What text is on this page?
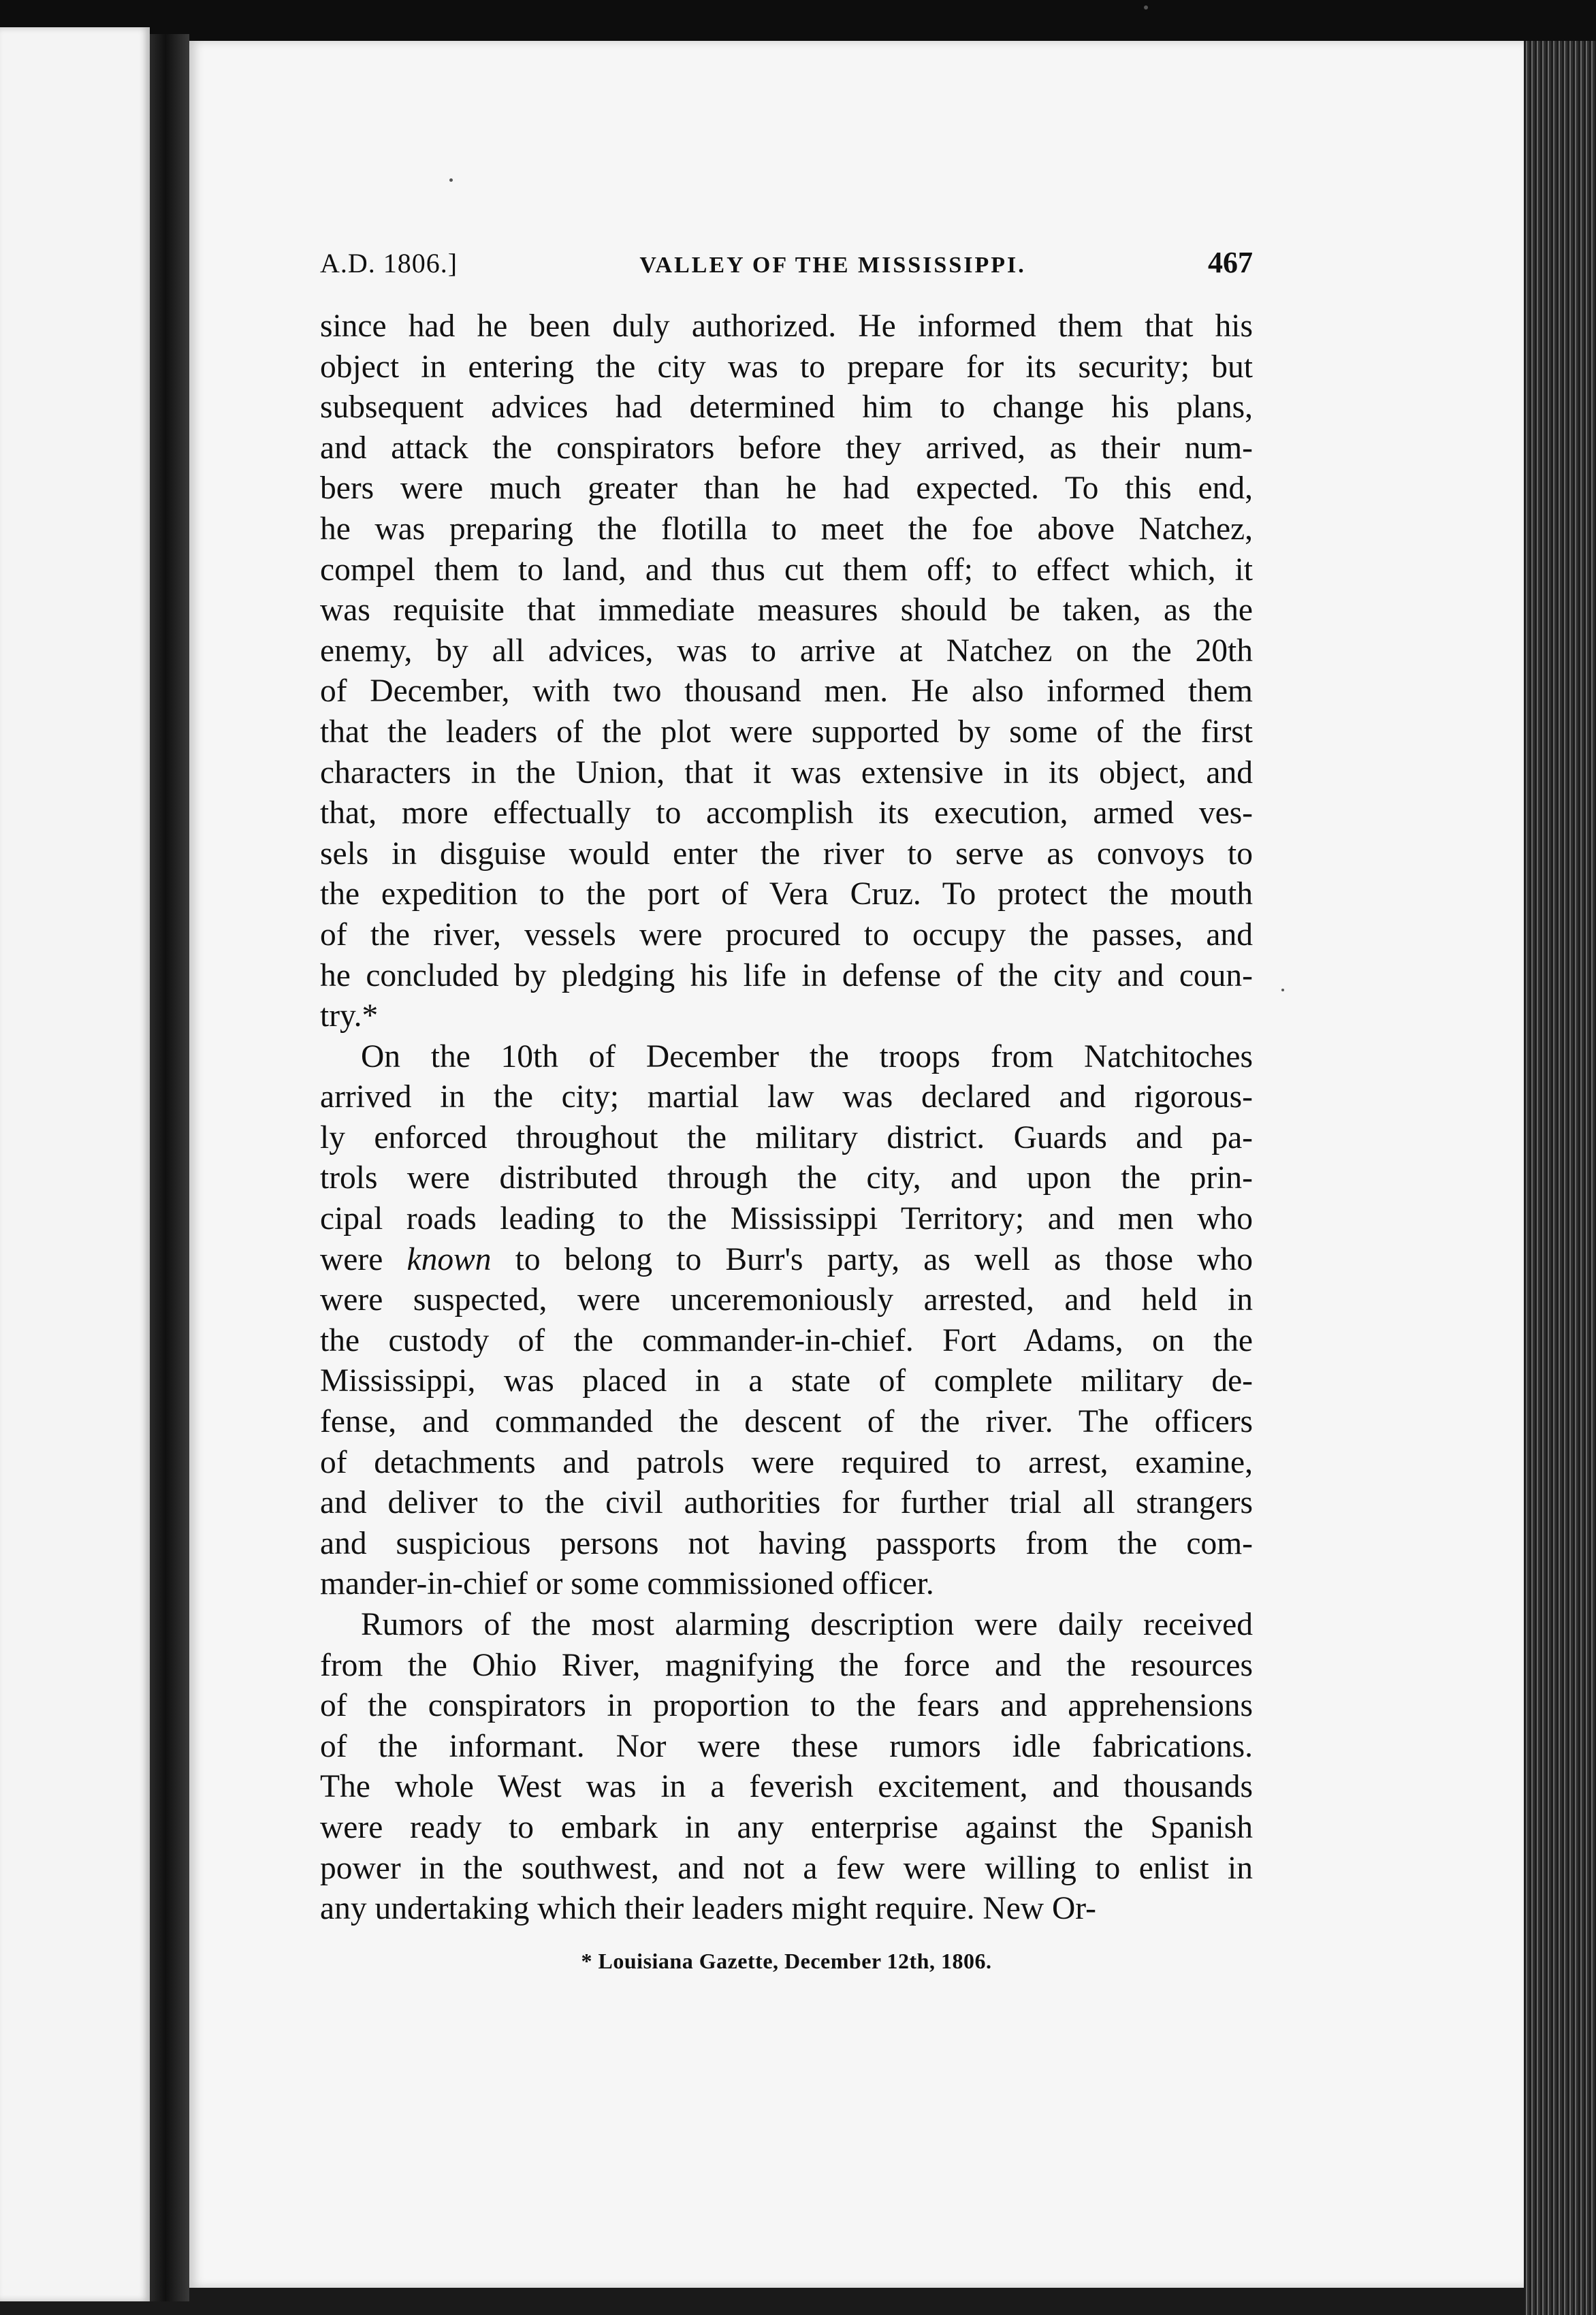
A.D. 1806.]	VALLEY OF THE MISSISSIPPI.	467

since had he been duly authorized. He informed them that his
object in entering the city was to prepare for its security; but
subsequent advices had determined him to change his plans,
and attack the conspirators before they arrived, as their num-
bers were much greater than he had expected. To this end,
he was preparing the flotilla to meet the foe above Natchez,
compel them to land, and thus cut them off; to effect which, it
was requisite that immediate measures should be taken, as the
enemy, by all advices, was to arrive at Natchez on the 20th
of December, with two thousand men. He also informed them
that the leaders of the plot were supported by some of the first
characters in the Union, that it was extensive in its object, and
that, more effectually to accomplish its execution, armed ves-
sels in disguise would enter the river to serve as convoys to
the expedition to the port of Vera Cruz. To protect the mouth
of the river, vessels were procured to occupy the passes, and
he concluded by pledging his life in defense of the city and coun-
try.*

On the 10th of December the troops from Natchitoches
arrived in the city; martial law was declared and rigorous-
ly enforced throughout the military district. Guards and pa-
trols were distributed through the city, and upon the prin-
cipal roads leading to the Mississippi Territory; and men who
were known to belong to Burr's party, as well as those who
were suspected, were unceremoniously arrested, and held in
the custody of the commander-in-chief. Fort Adams, on the
Mississippi, was placed in a state of complete military de-
fense, and commanded the descent of the river. The officers
of detachments and patrols were required to arrest, examine,
and deliver to the civil authorities for further trial all strangers
and suspicious persons not having passports from the com-
mander-in-chief or some commissioned officer.

Rumors of the most alarming description were daily received
from the Ohio River, magnifying the force and the resources
of the conspirators in proportion to the fears and apprehensions
of the informant. Nor were these rumors idle fabrications.
The whole West was in a feverish excitement, and thousands
were ready to embark in any enterprise against the Spanish
power in the southwest, and not a few were willing to enlist in
any undertaking which their leaders might require. New Or-

* Louisiana Gazette, December 12th, 1806.
